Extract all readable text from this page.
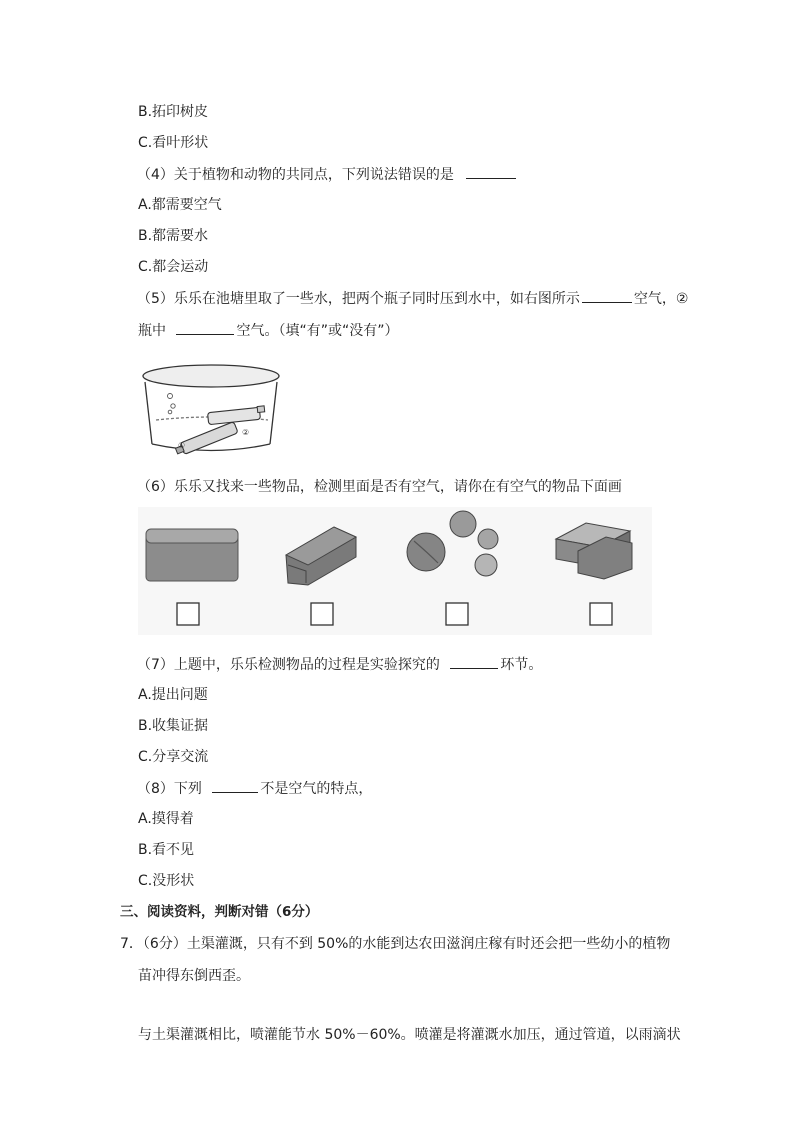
B.拓印树皮
C.看叶形状
（4）关于植物和动物的共同点，下列说法错误的是
A.都需要空气
B.都需要水
C.都会运动
（5）乐乐在池塘里取了一些水，把两个瓶子同时压到水中，如右图所示	空气，②
瓶中	空气。（填“有”或“没有”）
①
②
（6）乐乐又找来一些物品，检测里面是否有空气，请你在有空气的物品下面画
（7）上题中，乐乐检测物品的过程是实验探究的	环节。
A.提出问题
B.收集证据
C.分享交流
（8）下列	不是空气的特点，
A.摸得着
B.看不见
C.没形状
三、阅读资料，判断对错（6分）
7．（6分）土渠灌溉，只有不到 50%的水能到达农田滋润庄稼有时还会把一些幼小的植物
苗冲得东倒西歪。
与土渠灌溉相比，喷灌能节水 50%－60%。喷灌是将灌溉水加压，通过管道，以雨滴状
